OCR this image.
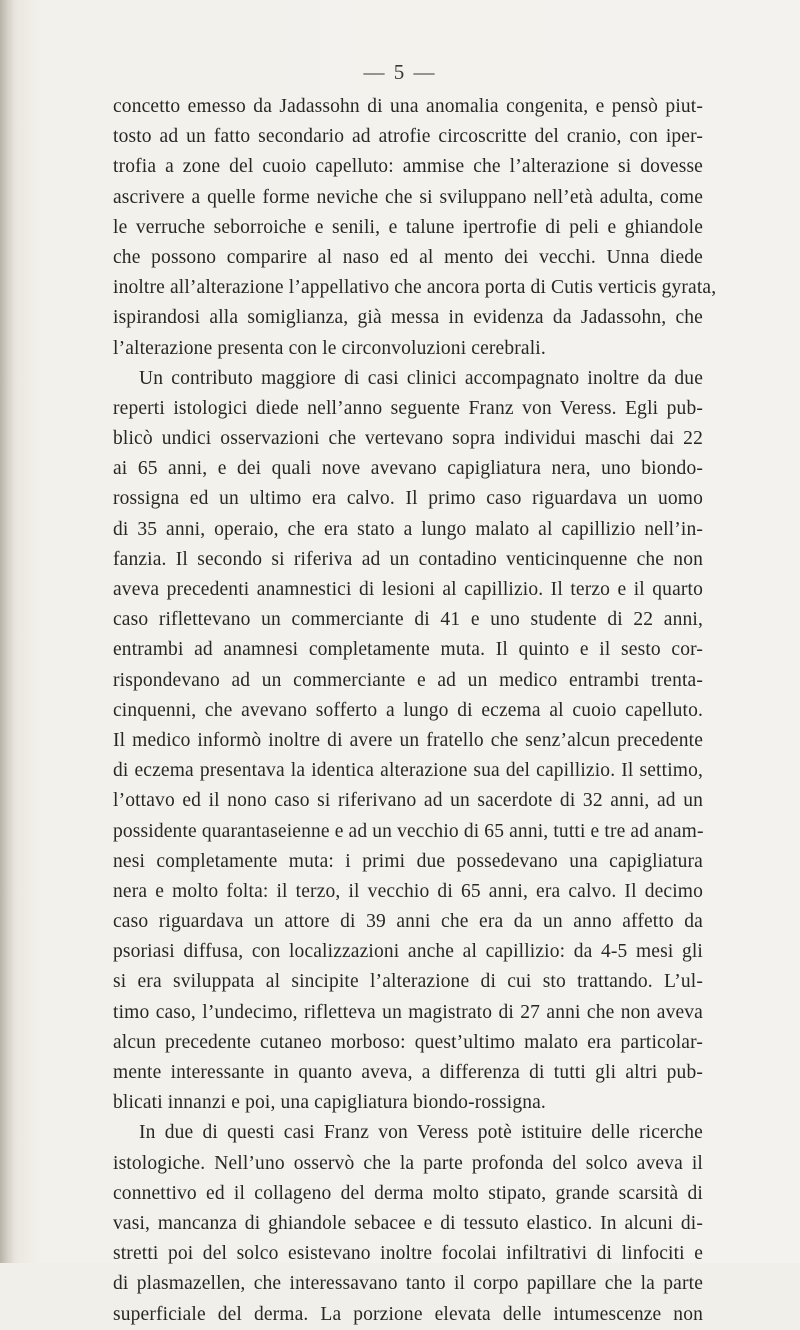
— 5 —
concetto emesso da Jadassohn di una anomalia congenita, e pensò piut-
tosto ad un fatto secondario ad atrofie circoscritte del cranio, con iper-
trofia a zone del cuoio capelluto: ammise che l’alterazione si dovesse
ascrivere a quelle forme neviche che si sviluppano nell’età adulta, come
le verruche seborroiche e senili, e talune ipertrofie di peli e ghiandole
che possono comparire al naso ed al mento dei vecchi. Unna diede
inoltre all’alterazione l’appellativo che ancora porta di Cutis verticis gyrata,
ispirandosi alla somiglianza, già messa in evidenza da Jadassohn, che
l’alterazione presenta con le circonvoluzioni cerebrali.
Un contributo maggiore di casi clinici accompagnato inoltre da due
reperti istologici diede nell’anno seguente Franz von Veress. Egli pub-
blicò undici osservazioni che vertevano sopra individui maschi dai 22
ai 65 anni, e dei quali nove avevano capigliatura nera, uno biondo-
rossigna ed un ultimo era calvo. Il primo caso riguardava un uomo
di 35 anni, operaio, che era stato a lungo malato al capillizio nell’in-
fanzia. Il secondo si riferiva ad un contadino venticinquenne che non
aveva precedenti anamnestici di lesioni al capillizio. Il terzo e il quarto
caso riflettevano un commerciante di 41 e uno studente di 22 anni,
entrambi ad anamnesi completamente muta. Il quinto e il sesto cor-
rispondevano ad un commerciante e ad un medico entrambi trenta-
cinquenni, che avevano sofferto a lungo di eczema al cuoio capelluto.
Il medico informò inoltre di avere un fratello che senz’alcun precedente
di eczema presentava la identica alterazione sua del capillizio. Il settimo,
l’ottavo ed il nono caso si riferivano ad un sacerdote di 32 anni, ad un
possidente quarantaseienne e ad un vecchio di 65 anni, tutti e tre ad anam-
nesi completamente muta: i primi due possedevano una capigliatura
nera e molto folta: il terzo, il vecchio di 65 anni, era calvo. Il decimo
caso riguardava un attore di 39 anni che era da un anno affetto da
psoriasi diffusa, con localizzazioni anche al capillizio: da 4-5 mesi gli
si era sviluppata al sincipite l’alterazione di cui sto trattando. L’ul-
timo caso, l’undecimo, rifletteva un magistrato di 27 anni che non aveva
alcun precedente cutaneo morboso: quest’ultimo malato era particolar-
mente interessante in quanto aveva, a differenza di tutti gli altri pub-
blicati innanzi e poi, una capigliatura biondo-rossigna.
In due di questi casi Franz von Veress potè istituire delle ricerche
istologiche. Nell’uno osservò che la parte profonda del solco aveva il
connettivo ed il collageno del derma molto stipato, grande scarsità di
vasi, mancanza di ghiandole sebacee e di tessuto elastico. In alcuni di-
stretti poi del solco esistevano inoltre focolai infiltrativi di linfociti e
di plasmazellen, che interessavano tanto il corpo papillare che la parte
superficiale del derma. La porzione elevata delle intumescenze non
